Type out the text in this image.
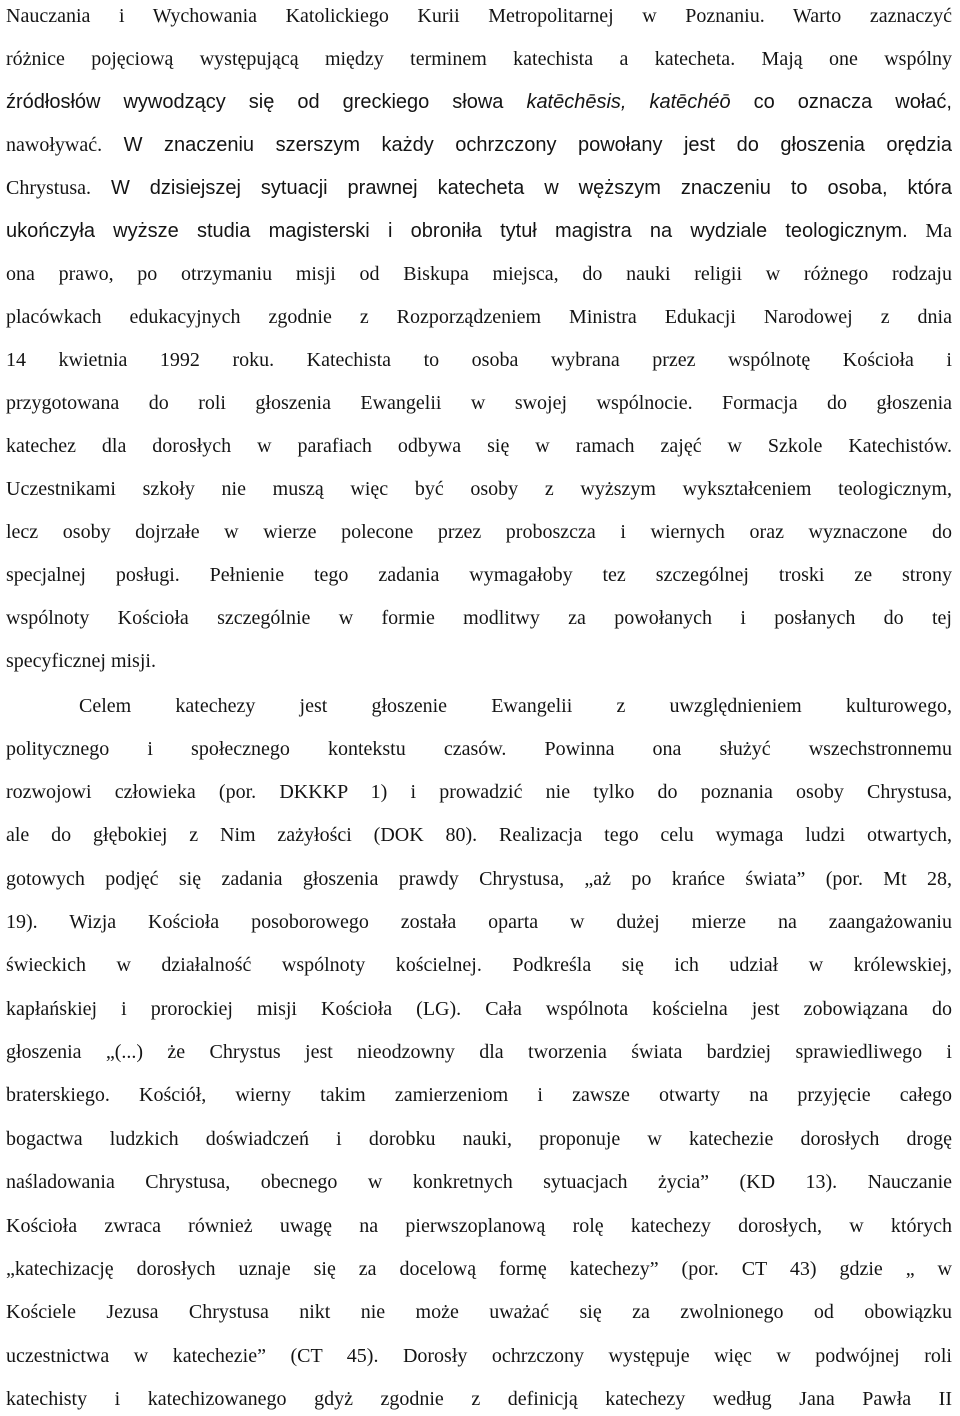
Nauczania i Wychowania Katolickiego Kurii Metropolitarnej w Poznaniu. Warto zaznaczyć
różnice pojęciową występującą między terminem katechista a katecheta. Mają one wspólny
źródłosłów wywodzący się od greckiego słowa katēchēsis, katēchéō co oznacza wołać,
nawoływać. W znaczeniu szerszym każdy ochrzczony powołany jest do głoszenia orędzia
Chrystusa. W dzisiejszej sytuacji prawnej katecheta w węższym znaczeniu to osoba, która
ukończyła wyższe studia magisterski i obroniła tytuł magistra na wydziale teologicznym. Ma
ona prawo, po otrzymaniu misji od Biskupa miejsca, do nauki religii w różnego rodzaju
placówkach edukacyjnych zgodnie z Rozporządzeniem Ministra Edukacji Narodowej z dnia
14 kwietnia 1992 roku. Katechista to osoba wybrana przez wspólnotę Kościoła i
przygotowana do roli głoszenia Ewangelii w swojej wspólnocie. Formacja do głoszenia
katechez dla dorosłych w parafiach odbywa się w ramach zajęć w Szkole Katechistów.
Uczestnikami szkoły nie muszą więc być osoby z wyższym wykształceniem teologicznym,
lecz osoby dojrzałe w wierze polecone przez proboszcza i wiernych oraz wyznaczone do
specjalnej posługi. Pełnienie tego zadania wymagałoby tez szczególnej troski ze strony
wspólnoty Kościoła szczególnie w formie modlitwy za powołanych i posłanych do tej
specyficznej misji.
Celem katechezy jest głoszenie Ewangelii z uwzględnieniem kulturowego,
politycznego i społecznego kontekstu czasów. Powinna ona służyć wszechstronnemu
rozwojowi człowieka (por. DKKKP 1) i prowadzić nie tylko do poznania osoby Chrystusa,
ale do głębokiej z Nim zażyłości (DOK 80). Realizacja tego celu wymaga ludzi otwartych,
gotowych podjęć się zadania głoszenia prawdy Chrystusa, „aż po krańce świata” (por. Mt 28,
19). Wizja Kościoła posoborowego została oparta w dużej mierze na zaangażowaniu
świeckich w działalność wspólnoty kościelnej. Podkreśla się ich udział w królewskiej,
kapłańskiej i prorockiej misji Kościoła (LG). Cała wspólnota kościelna jest zobowiązana do
głoszenia „(...) że Chrystus jest nieodzowny dla tworzenia świata bardziej sprawiedliwego i
braterskiego. Kościół, wierny takim zamierzeniom i zawsze otwarty na przyjęcie całego
bogactwa ludzkich doświadczeń i dorobku nauki, proponuje w katechezie dorosłych drogę
naśladowania Chrystusa, obecnego w konkretnych sytuacjach życia” (KD 13). Nauczanie
Kościoła zwraca również uwagę na pierwszoplanową rolę katechezy dorosłych, w których
„katechizację dorosłych uznaje się za docelową formę katechezy” (por. CT 43) gdzie „ w
Kościele Jezusa Chrystusa nikt nie może uważać się za zwolnionego od obowiązku
uczestnictwa w katechezie” (CT 45). Dorosły ochrzczony występuje więc w podwójnej roli
katechisty i katechizowanego gdyż zgodnie z definicją katechezy według Jana Pawła II
